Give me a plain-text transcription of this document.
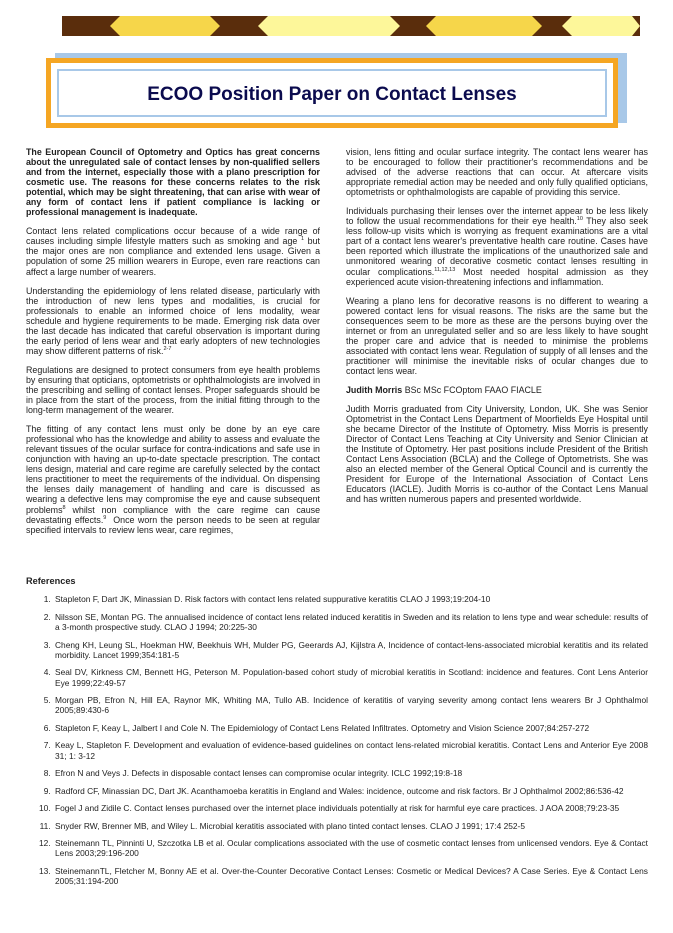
ECOO Position Paper on Contact Lenses

The European Council of Optometry and Optics has great concerns about the unregulated sale of contact lenses by non-qualified sellers and from the internet, especially those with a plano prescription for cosmetic use. The reasons for these concerns relates to the risk potential, which may be sight threatening, that can arise with wear of any form of contact lens if patient compliance is lacking or professional management is inadequate.

Contact lens related complications occur because of a wide range of causes including simple lifestyle matters such as smoking and age $^1$ but the major ones are non compliance and extended lens usage. Given a population of some 25 million wearers in Europe, even rare reactions can affect a large number of wearers.

Understanding the epidemiology of lens related disease, particularly with the introduction of new lens types and modalities, is crucial for professionals to enable an informed choice of lens modality, wear schedule and hygiene requirements to be made. Emerging risk data over the last decade has indicated that careful observation is important during the early period of lens wear and that early adopters of new technologies may show different patterns of risk.$^{2-7}$

Regulations are designed to protect consumers from eye health problems by ensuring that opticians, optometrists or ophthalmologists are involved in the prescribing and selling of contact lenses. Proper safeguards should be in place from the start of the process, from the initial fitting through to the long-term management of the wearer.

The fitting of any contact lens must only be done by an eye care professional who has the knowledge and ability to assess and evaluate the relevant tissues of the ocular surface for contra-indications and safe use in conjunction with having an up-to-date spectacle prescription. The contact lens design, material and care regime are carefully selected by the contact lens practitioner to meet the requirements of the individual. On dispensing the lenses daily management of handling and care is discussed as wearing a defective lens may compromise the eye and cause subsequent problems$^8$ whilst non compliance with the care regime can cause devastating effects.$^9$ Once worn the person needs to be seen at regular specified intervals to review lens wear, care regimes,

vision, lens fitting and ocular surface integrity. The contact lens wearer has to be encouraged to follow their practitioner's recommendations and be advised of the adverse reactions that can occur. At aftercare visits appropriate remedial action may be needed and only fully qualified opticians, optometrists or ophthalmologists are capable of providing this service.

Individuals purchasing their lenses over the internet appear to be less likely to follow the usual recommendations for their eye health.$^{10}$ They also seek less follow-up visits which is worrying as frequent examinations are a vital part of a contact lens wearer's preventative health care routine. Cases have been reported which illustrate the implications of the unauthorized sale and unmonitored wearing of decorative cosmetic contact lenses resulting in ocular complications.$^{11,12,13}$ Most needed hospital admission as they experienced acute vision-threatening infections and inflammation.

Wearing a plano lens for decorative reasons is no different to wearing a powered contact lens for visual reasons. The risks are the same but the consequences seem to be more as these are the persons buying over the internet or from an unregulated seller and so are less likely to have sought the proper care and advice that is needed to minimise the problems associated with contact lens wear. Regulation of supply of all lenses and the practitioner will minimise the inevitable risks of ocular changes due to contact lens wear.

Judith Morris BSc MSc FCOptom FAAO FIACLE

Judith Morris graduated from City University, London, UK. She was Senior Optometrist in the Contact Lens Department of Moorfields Eye Hospital until she became Director of the Institute of Optometry. Miss Morris is presently Director of Contact Lens Teaching at City University and Senior Clinician at the Institute of Optometry. Her past positions include President of the British Contact Lens Association (BCLA) and the College of Optometrists. She was also an elected member of the General Optical Council and is currently the President for Europe of the International Association of Contact Lens Educators (IACLE). Judith Morris is co-author of the Contact Lens Manual and has written numerous papers and presented worldwide.

References
1. Stapleton F, Dart JK, Minassian D. Risk factors with contact lens related suppurative keratitis CLAO J 1993;19:204-10
2. Nilsson SE, Montan PG. The annualised incidence of contact lens related induced keratitis in Sweden and its relation to lens type and wear schedule: results of a 3-month prospective study. CLAO J 1994; 20:225-30
3. Cheng KH, Leung SL, Hoekman HW, Beekhuis WH, Mulder PG, Geerards AJ, Kijlstra A, Incidence of contact-lens-associated microbial keratitis and its related morbidity. Lancet 1999;354:181-5
4. Seal DV, Kirkness CM, Bennett HG, Peterson M. Population-based cohort study of microbial keratitis in Scotland: incidence and features. Cont Lens Anterior Eye 1999;22:49-57
5. Morgan PB, Efron N, Hill EA, Raynor MK, Whiting MA, Tullo AB. Incidence of keratitis of varying severity among contact lens wearers Br J Ophthalmol 2005;89:430-6
6. Stapleton F, Keay L, Jalbert I and Cole N. The Epidemiology of Contact Lens Related Infiltrates. Optometry and Vision Science 2007;84:257-272
7. Keay L, Stapleton F. Development and evaluation of evidence-based guidelines on contact lens-related microbial keratitis. Contact Lens and Anterior Eye 2008 31; 1: 3-12
8. Efron N and Veys J. Defects in disposable contact lenses can compromise ocular integrity. ICLC 1992;19:8-18
9. Radford CF, Minassian DC, Dart JK. Acanthamoeba keratitis in England and Wales: incidence, outcome and risk factors. Br J Ophthalmol 2002;86:536-42
10. Fogel J and Zidile C. Contact lenses purchased over the internet place individuals potentially at risk for harmful eye care practices. J AOA 2008;79:23-35
11. Snyder RW, Brenner MB, and Wiley L. Microbial keratitis associated with plano tinted contact lenses. CLAO J 1991; 17:4 252-5
12. Steinemann TL, Pinninti U, Szczotka LB et al. Ocular complications associated with the use of cosmetic contact lenses from unlicensed vendors. Eye & Contact Lens 2003;29:196-200
13. SteinemannTL, Fletcher M, Bonny AE et al. Over-the-Counter Decorative Contact Lenses: Cosmetic or Medical Devices? A Case Series. Eye & Contact Lens 2005;31:194-200
